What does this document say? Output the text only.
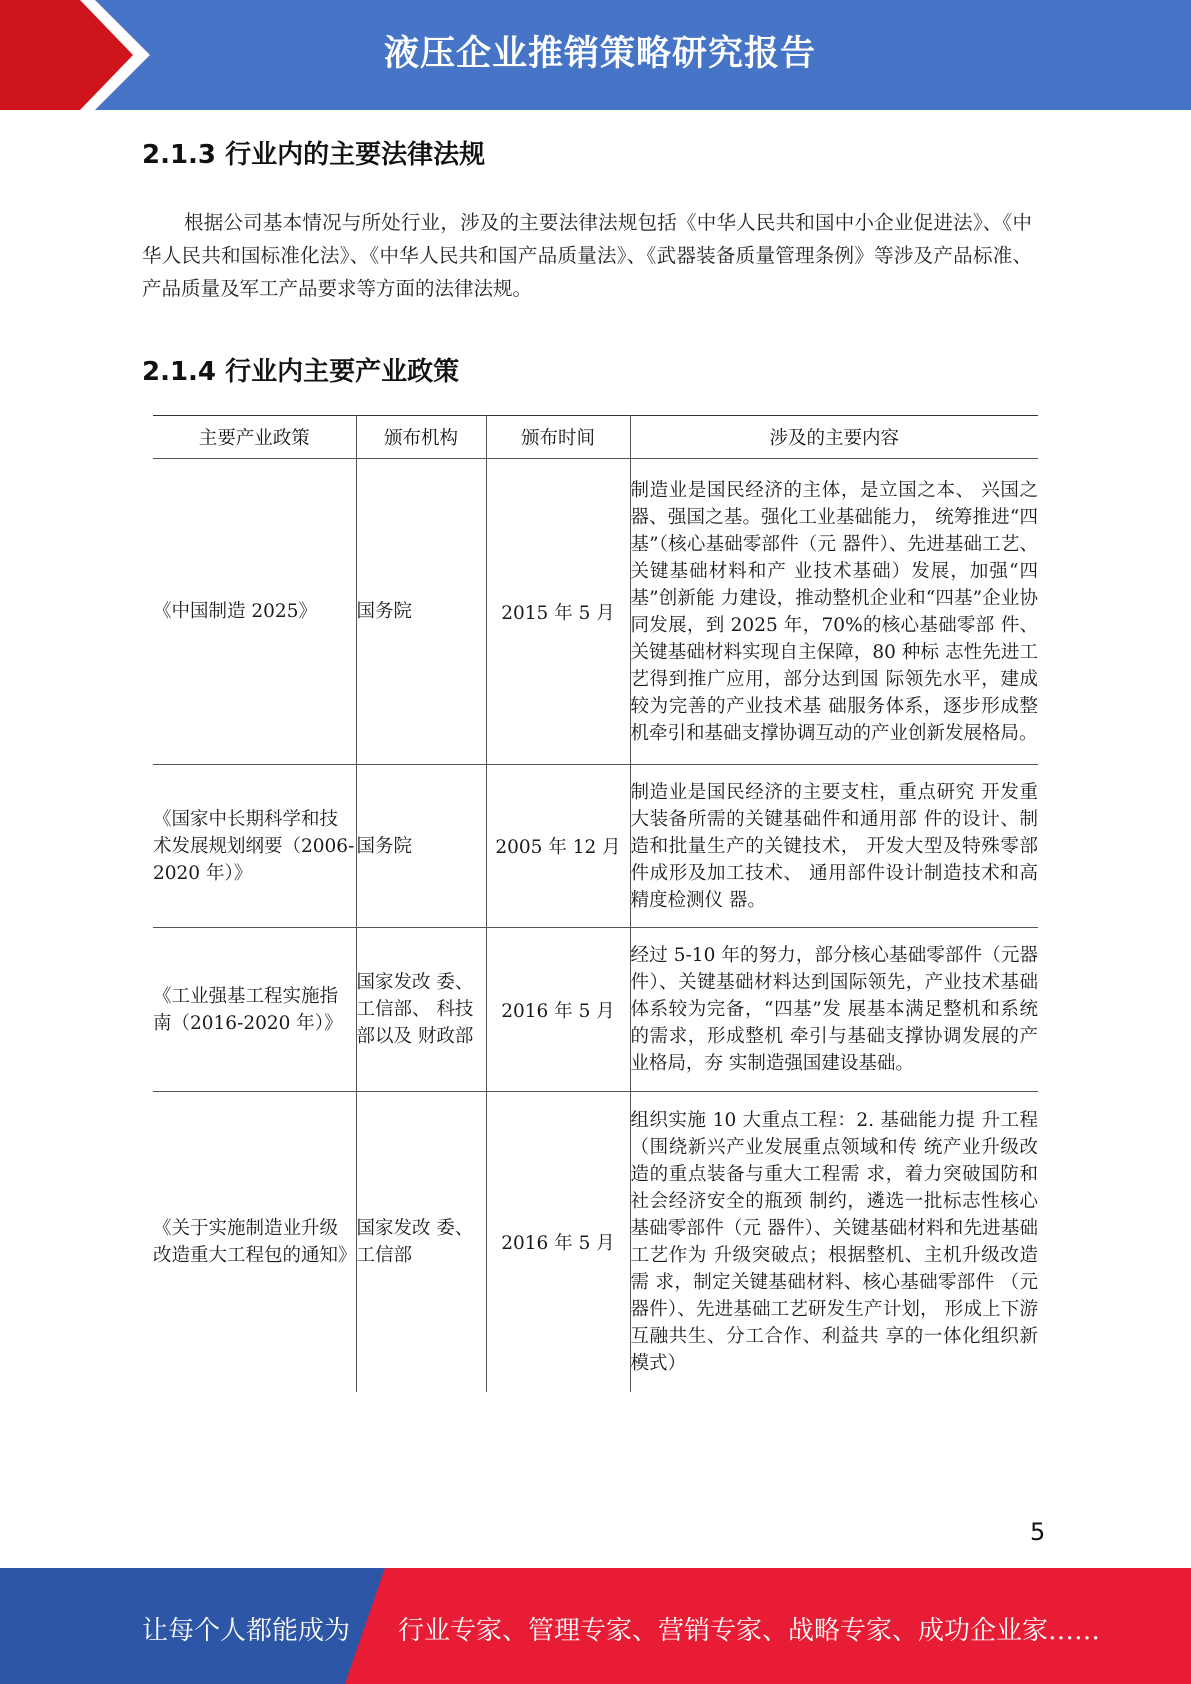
液压企业推销策略研究报告
2.1.3 行业内的主要法律法规
根据公司基本情况与所处行业，涉及的主要法律法规包括《中华人民共和国中小企业促进法》、《中华人民共和国标准化法》、《中华人民共和国产品质量法》、《武器装备质量管理条例》等涉及产品标准、产品质量及军工产品要求等方面的法律法规。
2.1.4 行业内主要产业政策
主要产业政策	颁布机构	颁布时间	涉及的主要内容
《中国制造 2025》	国务院	2015 年 5 月	制造业是国民经济的主体，是立国之本、 兴国之器、强国之基。强化工业基础能力， 统筹推进“四基”（核心基础零部件（元 器件）、先进基础工艺、关键基础材料和产 业技术基础）发展，加强“四基”创新能 力建设，推动整机企业和“四基”企业协 同发展，到 2025 年，70%的核心基础零部 件、关键基础材料实现自主保障，80 种标 志性先进工艺得到推广应用，部分达到国 际领先水平，建成较为完善的产业技术基 础服务体系，逐步形成整机牵引和基础支撑协调互动的产业创新发展格局。
《国家中长期科学和技术发展规划纲要（2006-2020 年）》	国务院	2005 年 12 月	制造业是国民经济的主要支柱，重点研究 开发重大装备所需的关键基础件和通用部 件的设计、制造和批量生产的关键技术， 开发大型及特殊零部件成形及加工技术、 通用部件设计制造技术和高精度检测仪 器。
《工业强基工程实施指南（2016-2020 年）》	国家发改 委、工信部、 科技部以及 财政部	2016 年 5 月	经过 5-10 年的努力，部分核心基础零部件（元器件）、关键基础材料达到国际领先，产业技术基础体系较为完备，“四基”发 展基本满足整机和系统的需求，形成整机 牵引与基础支撑协调发展的产业格局，夯 实制造强国建设基础。
《关于实施制造业升级改造重大工程包的通知》	国家发改 委、工信部	2016 年 5 月	组织实施 10 大重点工程：2. 基础能力提 升工程（围绕新兴产业发展重点领域和传 统产业升级改造的重点装备与重大工程需 求，着力突破国防和社会经济安全的瓶颈 制约，遴选一批标志性核心基础零部件（元 器件）、关键基础材料和先进基础工艺作为 升级突破点；根据整机、主机升级改造需 求，制定关键基础材料、核心基础零部件 （元器件）、先进基础工艺研发生产计划， 形成上下游互融共生、分工合作、利益共 享的一体化组织新模式）
5
让每个人都能成为 行业专家、管理专家、营销专家、战略专家、成功企业家……
